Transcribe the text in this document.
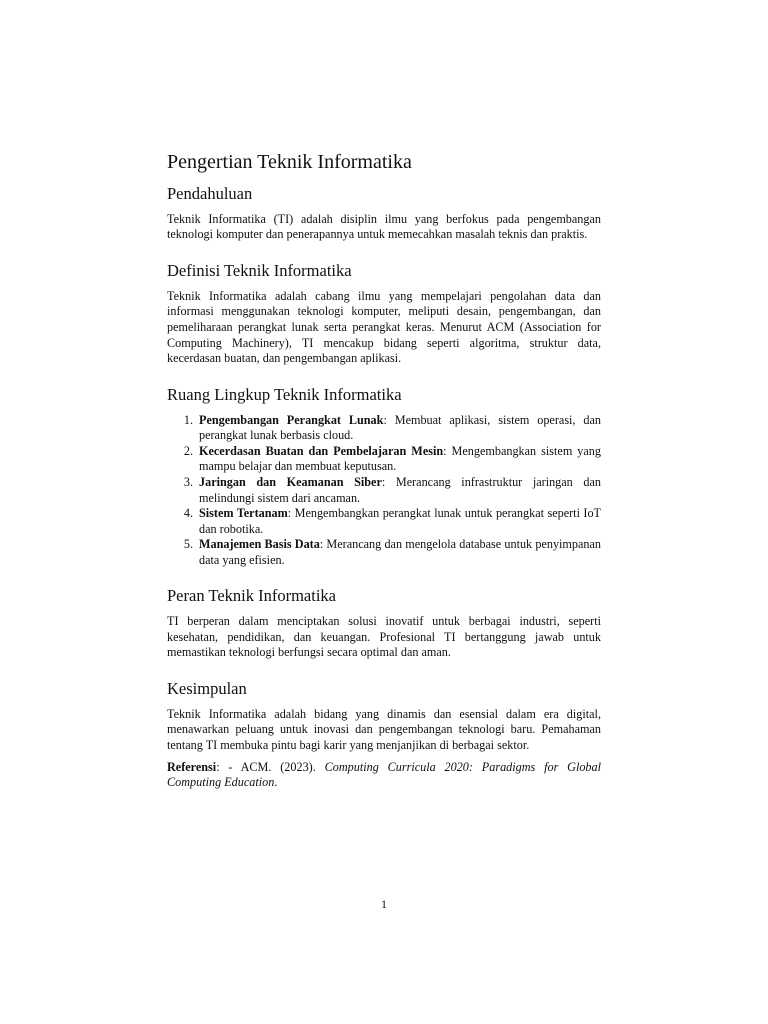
Pengertian Teknik Informatika
Pendahuluan

Teknik Informatika (TI) adalah disiplin ilmu yang berfokus pada pengembangan teknologi komputer dan penerapannya untuk memecahkan masalah teknis dan praktis.

Definisi Teknik Informatika

Teknik Informatika adalah cabang ilmu yang mempelajari pengolahan data dan informasi menggunakan teknologi komputer, meliputi desain, pengembangan, dan pemeliharaan perangkat lunak serta perangkat keras. Menurut ACM (Association for Computing Machinery), TI mencakup bidang seperti algoritma, struktur data, kecerdasan buatan, dan pengembangan aplikasi.

Ruang Lingkup Teknik Informatika
1. Pengembangan Perangkat Lunak: Membuat aplikasi, sistem operasi, dan perangkat lunak berbasis cloud.
2. Kecerdasan Buatan dan Pembelajaran Mesin: Mengembangkan sistem yang mampu belajar dan membuat keputusan.
3. Jaringan dan Keamanan Siber: Merancang infrastruktur jaringan dan melindungi sistem dari ancaman.
4. Sistem Tertanam: Mengembangkan perangkat lunak untuk perangkat seperti IoT dan robotika.
5. Manajemen Basis Data: Merancang dan mengelola database untuk penyimpanan data yang efisien.
Peran Teknik Informatika

TI berperan dalam menciptakan solusi inovatif untuk berbagai industri, seperti kesehatan, pendidikan, dan keuangan. Profesional TI bertanggung jawab untuk memastikan teknologi berfungsi secara optimal dan aman.

Kesimpulan

Teknik Informatika adalah bidang yang dinamis dan esensial dalam era digital, menawarkan peluang untuk inovasi dan pengembangan teknologi baru. Pemahaman tentang TI membuka pintu bagi karir yang menjanjikan di berbagai sektor.

Referensi: - ACM. (2023). Computing Curricula 2020: Paradigms for Global Computing Education.

1
